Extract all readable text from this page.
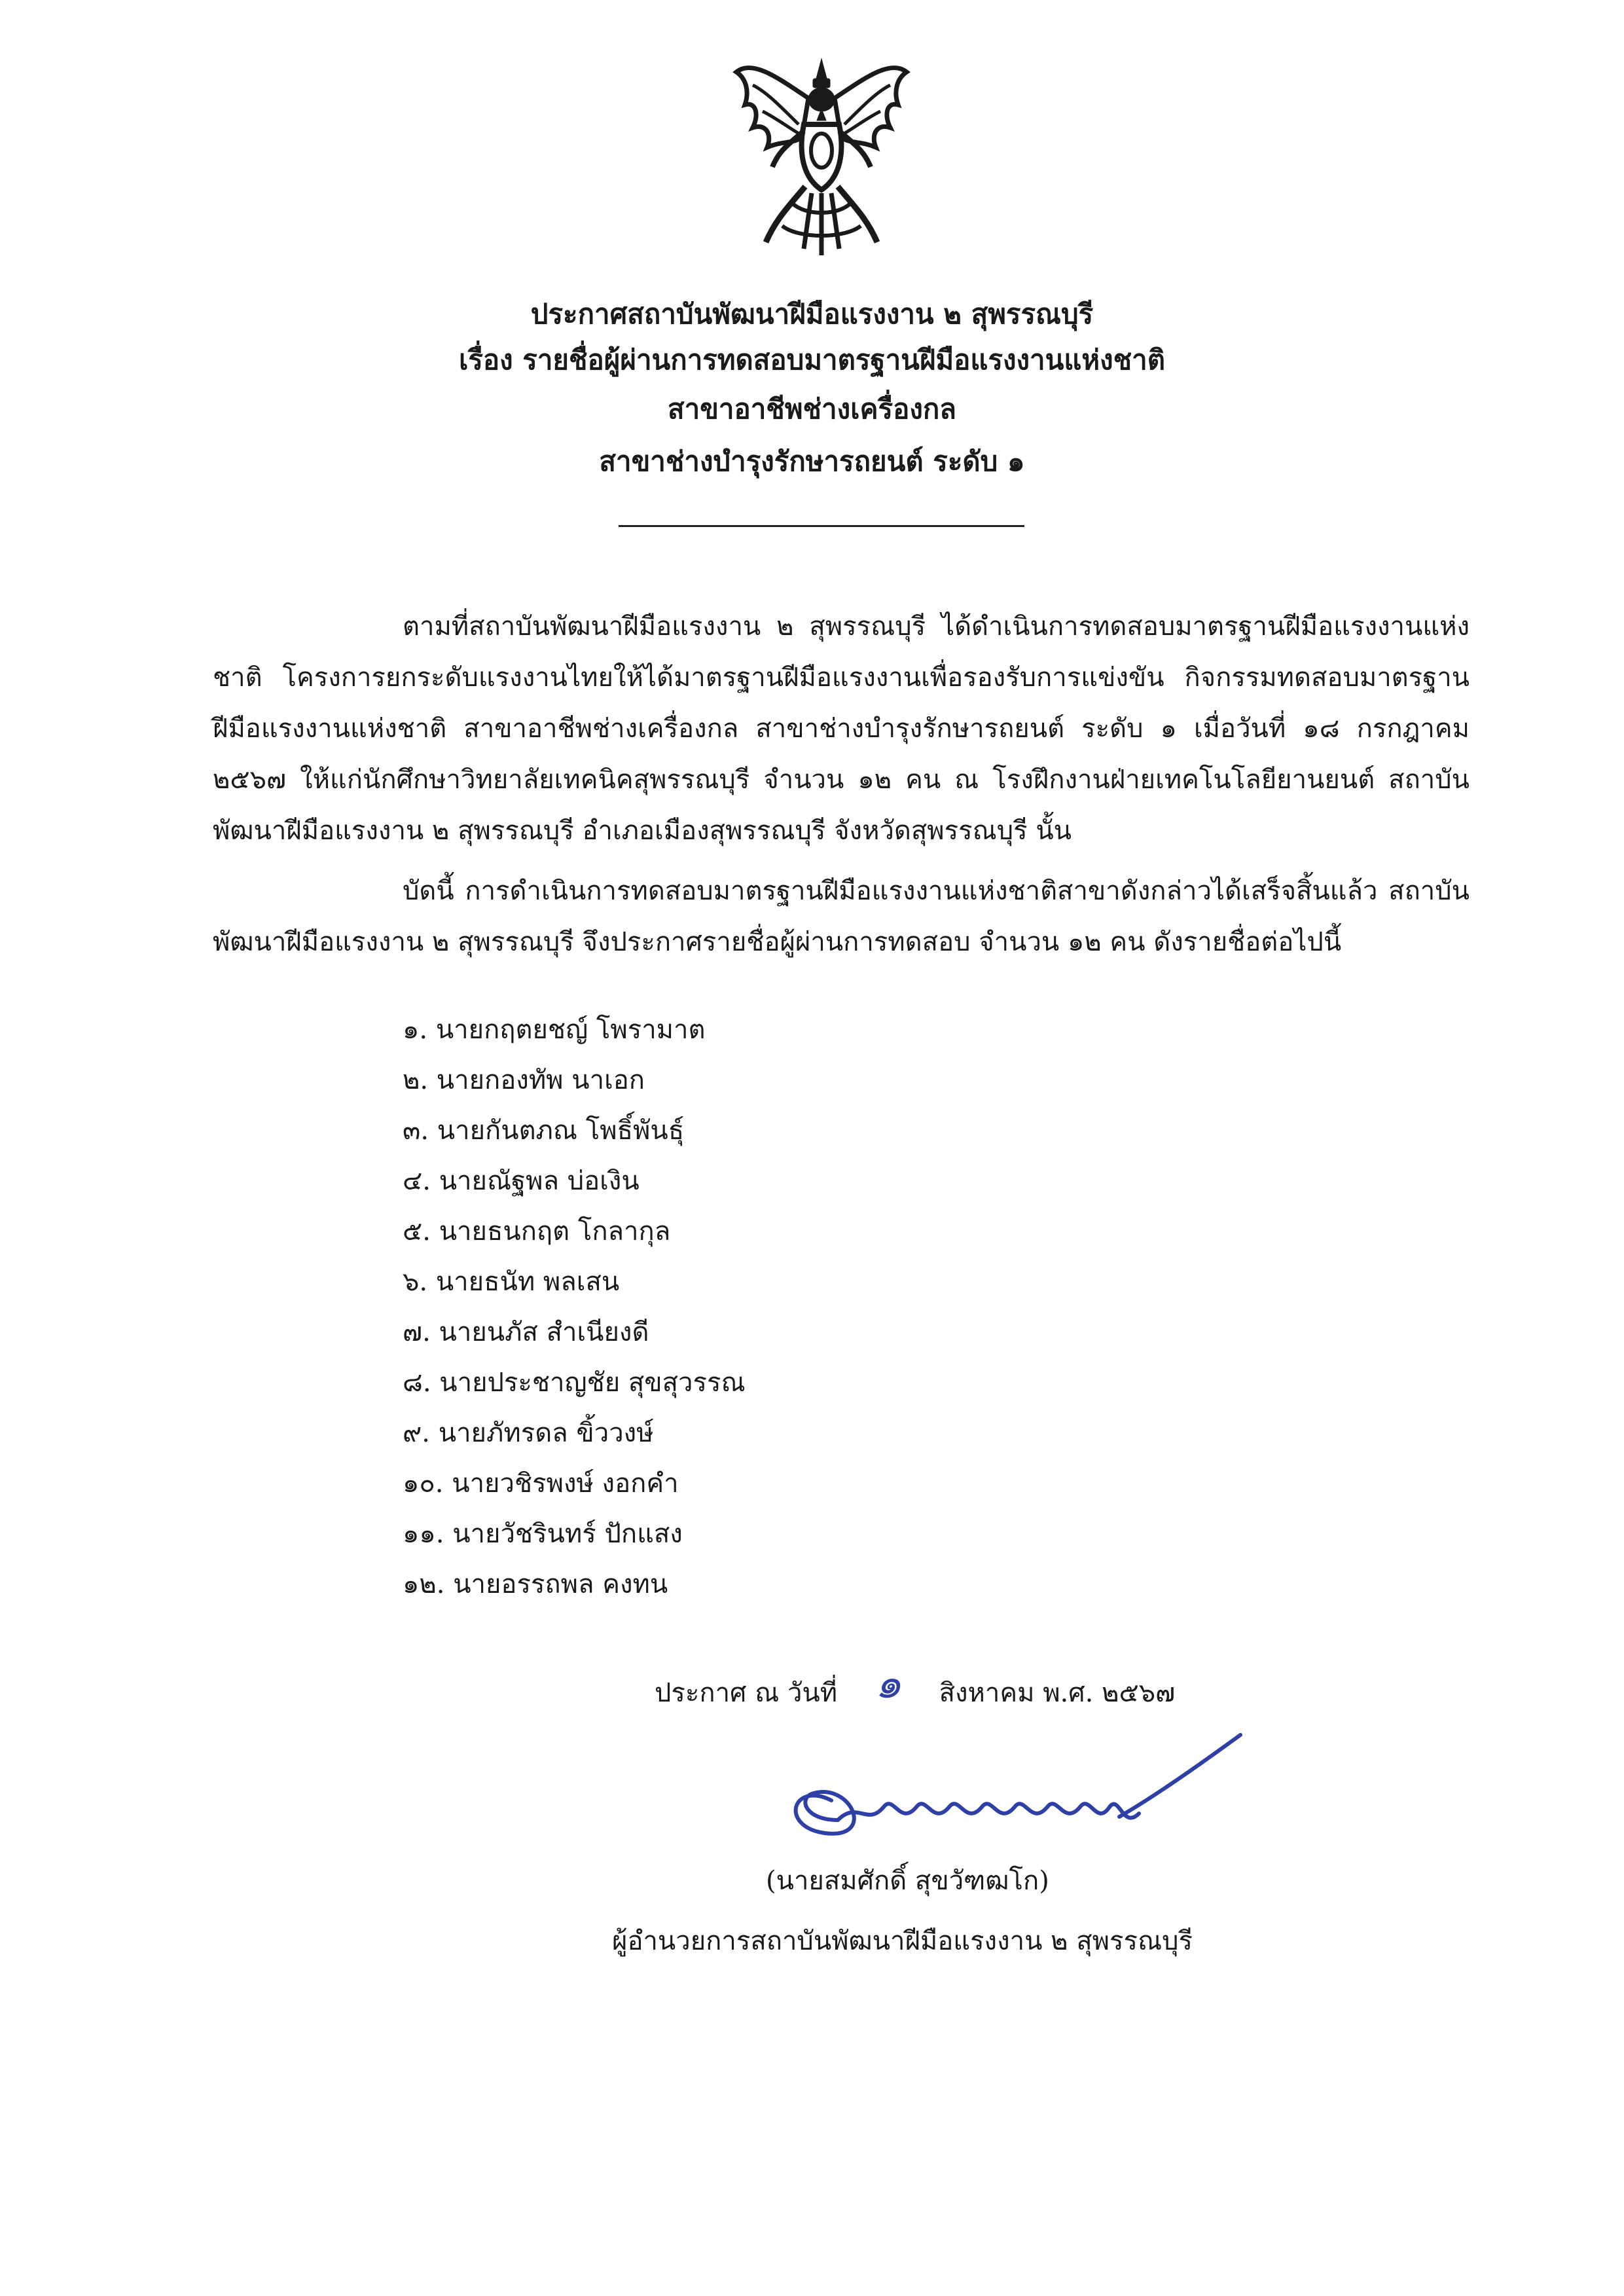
ประกาศสถาบันพัฒนาฝีมือแรงงาน ๒ สุพรรณบุรี
เรื่อง รายชื่อผู้ผ่านการทดสอบมาตรฐานฝีมือแรงงานแห่งชาติ
สาขาอาชีพช่างเครื่องกล
สาขาช่างบำรุงรักษารถยนต์ ระดับ ๑

ตามที่สถาบันพัฒนาฝีมือแรงงาน ๒ สุพรรณบุรี ได้ดำเนินการทดสอบมาตรฐานฝีมือแรงงานแห่งชาติ โครงการยกระดับแรงงานไทยให้ได้มาตรฐานฝีมือแรงงานเพื่อรองรับการแข่งขัน กิจกรรมทดสอบมาตรฐานฝีมือแรงงานแห่งชาติ สาขาอาชีพช่างเครื่องกล สาขาช่างบำรุงรักษารถยนต์ ระดับ ๑ เมื่อวันที่ ๑๘ กรกฎาคม ๒๕๖๗ ให้แก่นักศึกษาวิทยาลัยเทคนิคสุพรรณบุรี จำนวน ๑๒ คน ณ โรงฝึกงานฝ่ายเทคโนโลยียานยนต์ สถาบันพัฒนาฝีมือแรงงาน ๒ สุพรรณบุรี อำเภอเมืองสุพรรณบุรี จังหวัดสุพรรณบุรี นั้น

บัดนี้ การดำเนินการทดสอบมาตรฐานฝีมือแรงงานแห่งชาติสาขาดังกล่าวได้เสร็จสิ้นแล้ว สถาบันพัฒนาฝีมือแรงงาน ๒ สุพรรณบุรี จึงประกาศรายชื่อผู้ผ่านการทดสอบ จำนวน ๑๒ คน ดังรายชื่อต่อไปนี้

๑. นายกฤตยชญ์ โพรามาต
๒. นายกองทัพ นาเอก
๓. นายกันตภณ โพธิ์พันธุ์
๔. นายณัฐพล บ่อเงิน
๕. นายธนกฤต โกลากุล
๖. นายธนัท พลเสน
๗. นายนภัส สำเนียงดี
๘. นายประชาญชัย สุขสุวรรณ
๙. นายภัทรดล ขิ้ววงษ์
๑๐. นายวชิรพงษ์ งอกคำ
๑๑. นายวัชรินทร์ ปักแสง
๑๒. นายอรรถพล คงทน
ประกาศ ณ วันที่ ๑ สิงหาคม พ.ศ. ๒๕๖๗
(นายสมศักดิ์ สุขวัฑฒโก)
ผู้อำนวยการสถาบันพัฒนาฝีมือแรงงาน ๒ สุพรรณบุรี
